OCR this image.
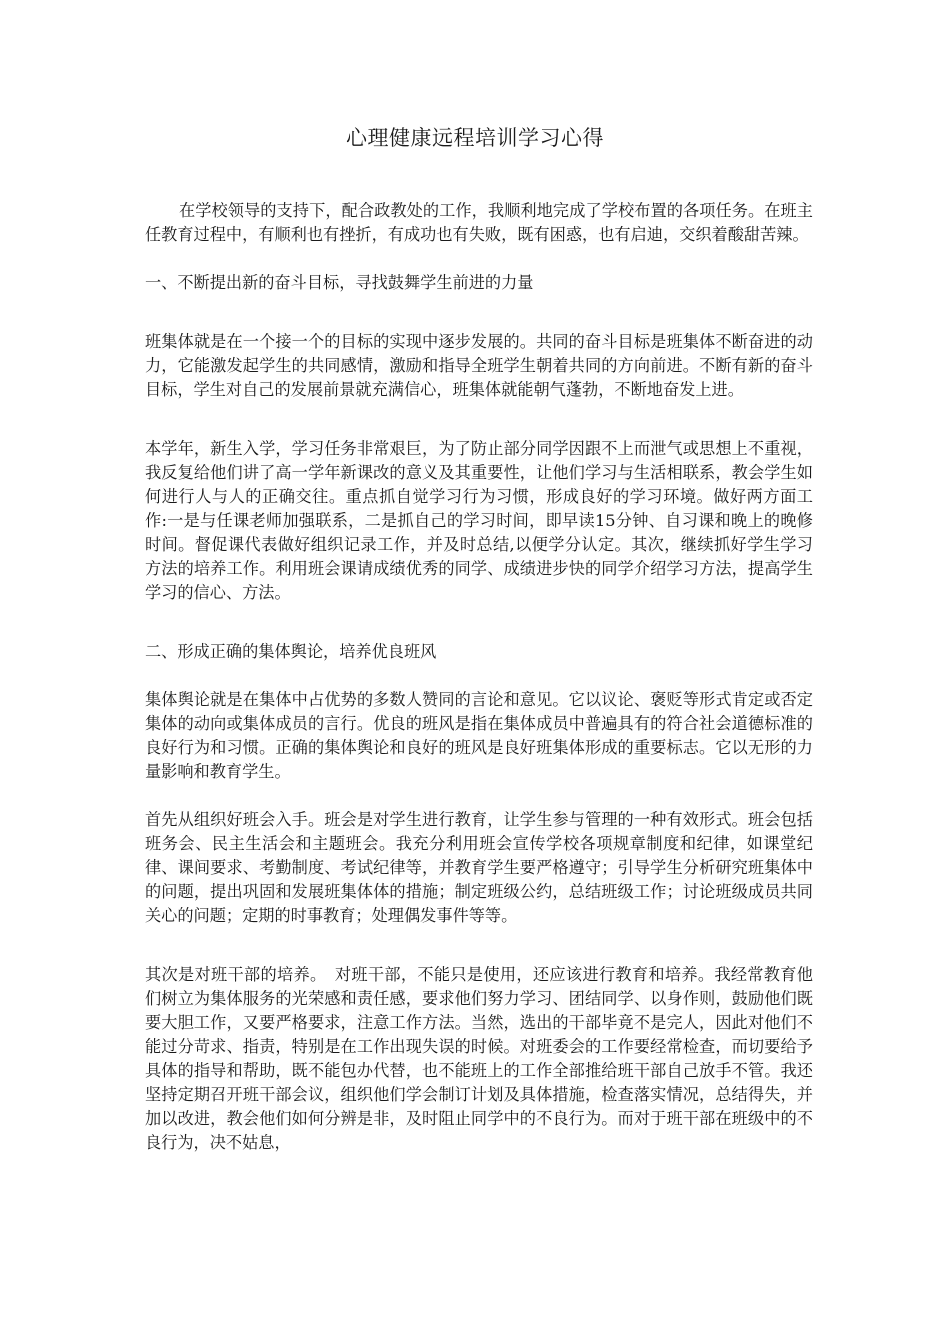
心理健康远程培训学习心得

在学校领导的支持下，配合政教处的工作，我顺利地完成了学校布置的各项任务。在班主任教育过程中，有顺利也有挫折，有成功也有失败，既有困惑，也有启迪，交织着酸甜苦辣。

一、不断提出新的奋斗目标，寻找鼓舞学生前进的力量

班集体就是在一个接一个的目标的实现中逐步发展的。共同的奋斗目标是班集体不断奋进的动力，它能激发起学生的共同感情，激励和指导全班学生朝着共同的方向前进。不断有新的奋斗目标，学生对自己的发展前景就充满信心，班集体就能朝气蓬勃，不断地奋发上进。

本学年，新生入学，学习任务非常艰巨，为了防止部分同学因跟不上而泄气或思想上不重视，我反复给他们讲了高一学年新课改的意义及其重要性，让他们学习与生活相联系，教会学生如何进行人与人的正确交往。重点抓自觉学习行为习惯，形成良好的学习环境。做好两方面工作:一是与任课老师加强联系，二是抓自己的学习时间，即早读15分钟、自习课和晚上的晚修时间。督促课代表做好组织记录工作，并及时总结,以便学分认定。其次，继续抓好学生学习方法的培养工作。利用班会课请成绩优秀的同学、成绩进步快的同学介绍学习方法，提高学生学习的信心、方法。

二、形成正确的集体舆论，培养优良班风

集体舆论就是在集体中占优势的多数人赞同的言论和意见。它以议论、褒贬等形式肯定或否定集体的动向或集体成员的言行。优良的班风是指在集体成员中普遍具有的符合社会道德标准的良好行为和习惯。正确的集体舆论和良好的班风是良好班集体形成的重要标志。它以无形的力量影响和教育学生。

首先从组织好班会入手。班会是对学生进行教育，让学生参与管理的一种有效形式。班会包括班务会、民主生活会和主题班会。我充分利用班会宣传学校各项规章制度和纪律，如课堂纪律、课间要求、考勤制度、考试纪律等，并教育学生要严格遵守；引导学生分析研究班集体中的问题，提出巩固和发展班集体体的措施；制定班级公约，总结班级工作；讨论班级成员共同关心的问题；定期的时事教育；处理偶发事件等等。

其次是对班干部的培养。　对班干部，不能只是使用，还应该进行教育和培养。我经常教育他们树立为集体服务的光荣感和责任感，要求他们努力学习、团结同学、以身作则，鼓励他们既要大胆工作，又要严格要求，注意工作方法。当然，选出的干部毕竟不是完人，因此对他们不能过分苛求、指责，特别是在工作出现失误的时候。对班委会的工作要经常检查，而切要给予具体的指导和帮助，既不能包办代替，也不能班上的工作全部推给班干部自己放手不管。我还坚持定期召开班干部会议，组织他们学会制订计划及具体措施，检查落实情况，总结得失，并加以改进，教会他们如何分辨是非，及时阻止同学中的不良行为。而对于班干部在班级中的不良行为，决不姑息，
